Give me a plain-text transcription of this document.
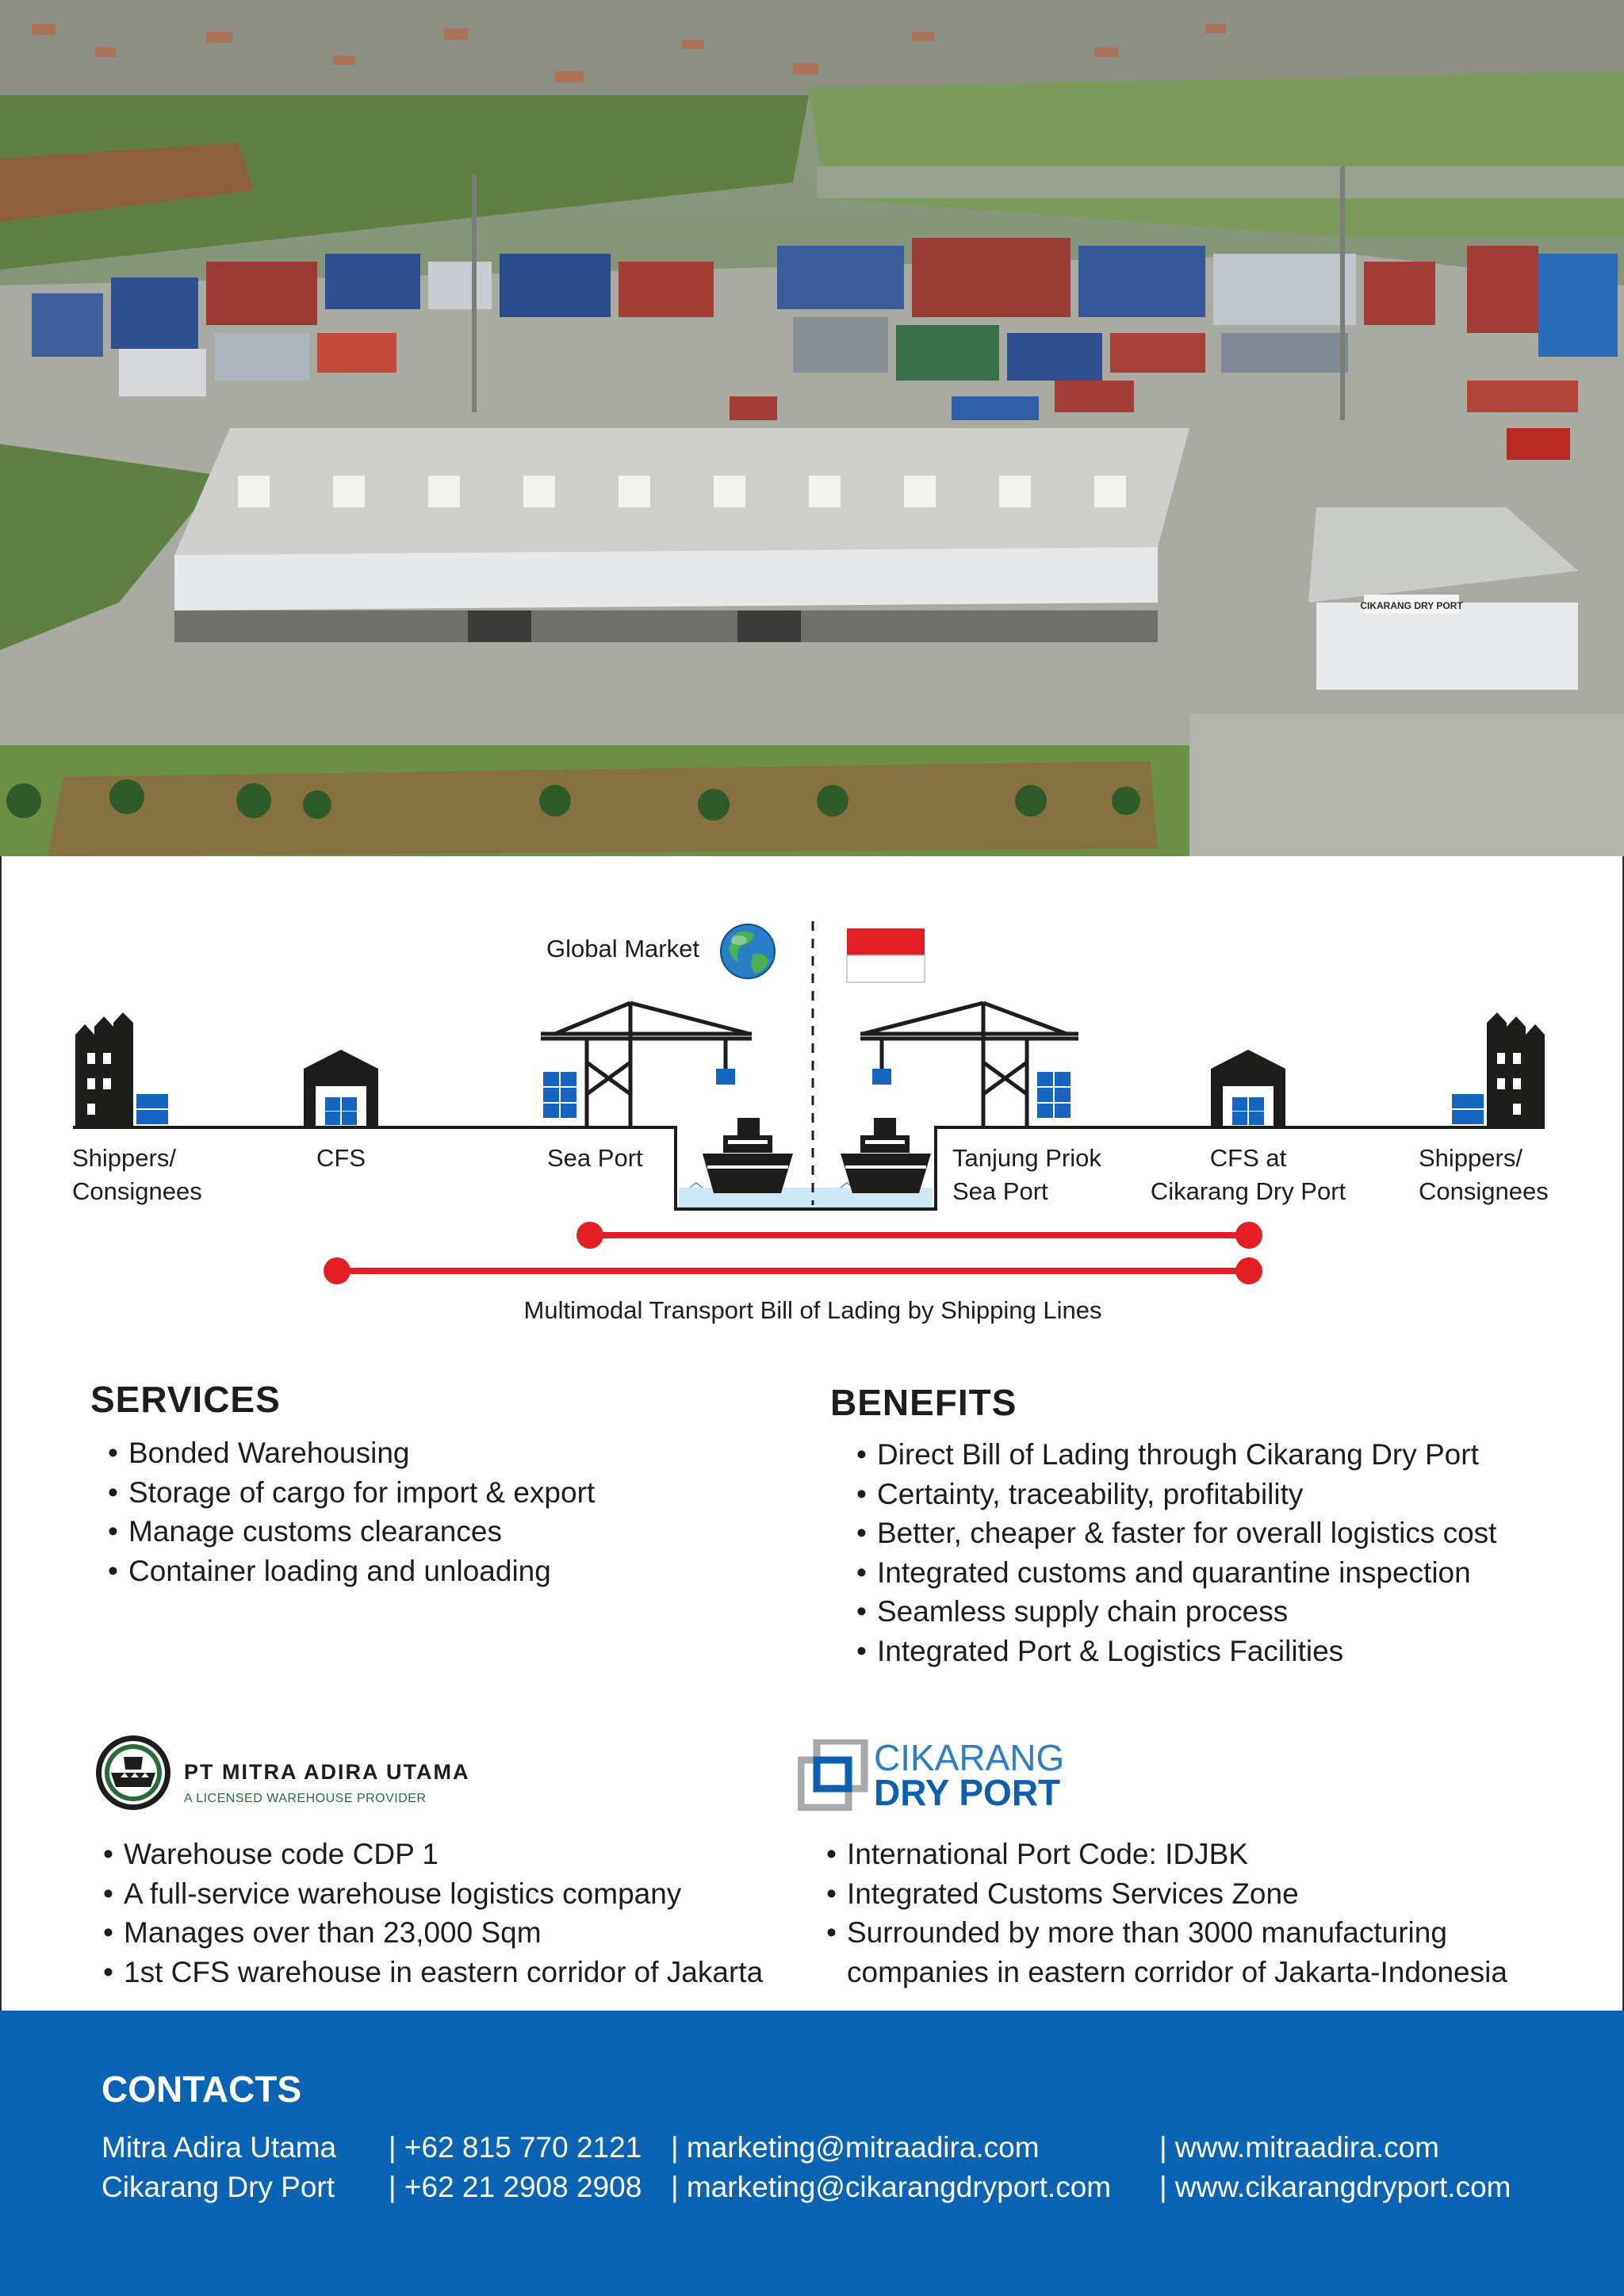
CIKARANG DRY PORT
Global Market
Shippers/
Consignees
CFS	Sea Port	Tanjung Priok
Sea Port
CFS at
Cikarang Dry Port
Shippers/
Consignees
Multimodal Transport Bill of Lading by Shipping Lines
SERVICES
• Bonded Warehousing
• Storage of cargo for import & export
• Manage customs clearances
• Container loading and unloading
BENEFITS
• Direct Bill of Lading through Cikarang Dry Port
• Certainty, traceability, profitability
• Better, cheaper & faster for overall logistics cost
• Integrated customs and quarantine inspection
• Seamless supply chain process
• Integrated Port & Logistics Facilities
PT MITRA ADIRA UTAMA
A LICENSED WAREHOUSE PROVIDER
• Warehouse code CDP 1
• A full-service warehouse logistics company
• Manages over than 23,000 Sqm
• 1st CFS warehouse in eastern corridor of Jakarta
CIKARANG
DRY PORT
• International Port Code: IDJBK
• Integrated Customs Services Zone
• Surrounded by more than 3000 manufacturing
companies in eastern corridor of Jakarta-Indonesia
CONTACTS
Mitra Adira Utama | +62 815 770 2121 | marketing@mitraadira.com	| www.mitraadira.com
Cikarang Dry Port | +62 21 2908 2908 | marketing@cikarangdryport.com | www.cikarangdryport.com
